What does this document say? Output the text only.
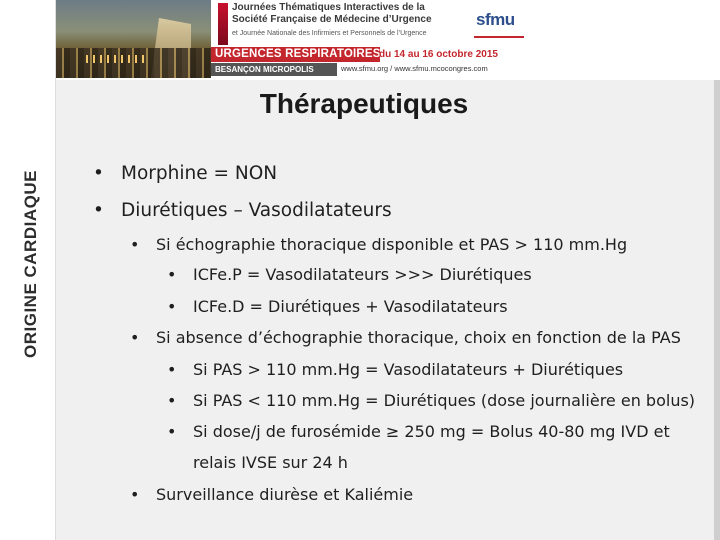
ORIGINE CARDIAQUE
Journées Thématiques Interactives de la
Société Française de Médecine d’Urgence
et Journée Nationale des Infirmiers et Personnels de l’Urgence
URGENCES RESPIRATOIRES
du 14 au 16 octobre 2015
BESANÇON MICROPOLIS	www.sfmu.org / www.sfmu.mcocongres.com
sfmu
Thérapeutiques
• Morphine = NON
• Diurétiques – Vasodilatateurs
• Si échographie thoracique disponible et PAS > 110 mm.Hg
• ICFe.P = Vasodilatateurs >>> Diurétiques
• ICFe.D = Diurétiques + Vasodilatateurs
• Si absence d’échographie thoracique, choix en fonction de la PAS
• Si PAS > 110 mm.Hg = Vasodilatateurs + Diurétiques
• Si PAS < 110 mm.Hg = Diurétiques (dose journalière en bolus)
• Si dose/j de furosémide ≥ 250 mg = Bolus 40-80 mg IVD et
relais IVSE sur 24 h
• Surveillance diurèse et Kaliémie
